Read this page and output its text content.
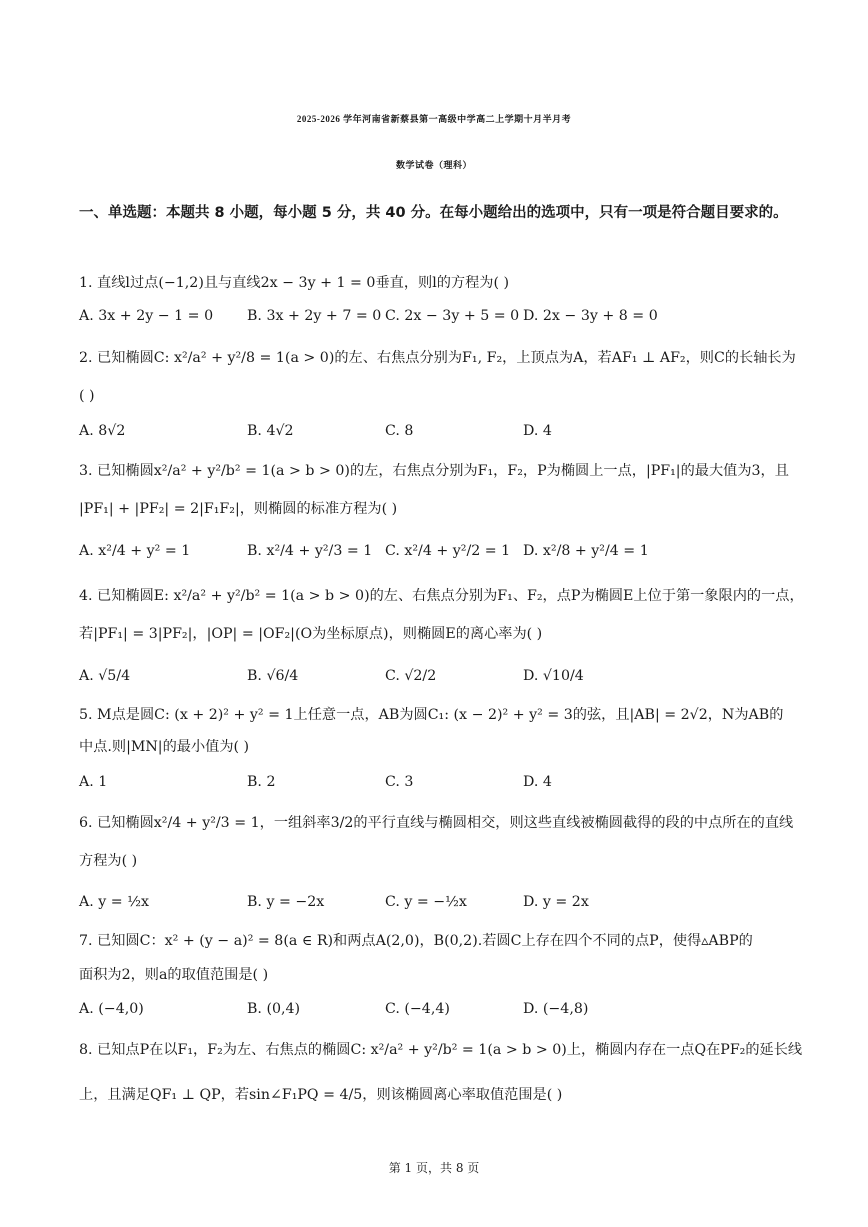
2025-2026 学年河南省新蔡县第一高级中学高二上学期十月半月考
数学试卷（理科）
一、单选题：本题共 8 小题，每小题 5 分，共 40 分。在每小题给出的选项中，只有一项是符合题目要求的。
1. 直线l过点(−1,2)且与直线2x − 3y + 1 = 0垂直，则l的方程为( )
A. 3x + 2y − 1 = 0 B. 3x + 2y + 7 = 0 C. 2x − 3y + 5 = 0 D. 2x − 3y + 8 = 0
2. 已知椭圆C: x²/a² + y²/8 = 1(a > 0)的左、右焦点分别为F₁, F₂，上顶点为A，若AF₁ ⊥ AF₂，则C的长轴长为
( )
A. 8√2	B. 4√2	C. 8	D. 4
3. 已知椭圆x²/a² + y²/b² = 1(a > b > 0)的左，右焦点分别为F₁，F₂，P为椭圆上一点，|PF₁|的最大值为3，且
|PF₁| + |PF₂| = 2|F₁F₂|，则椭圆的标准方程为( )
A. x²/4 + y² = 1	B. x²/4 + y²/3 = 1 C. x²/4 + y²/2 = 1 D. x²/8 + y²/4 = 1
4. 已知椭圆E: x²/a² + y²/b² = 1(a > b > 0)的左、右焦点分别为F₁、F₂，点P为椭圆E上位于第一象限内的一点，
若|PF₁| = 3|PF₂|，|OP| = |OF₂|(O为坐标原点)，则椭圆E的离心率为( )
A. √5/4	B. √6/4	C. √2/2	D. √10/4
5. M点是圆C: (x + 2)² + y² = 1上任意一点，AB为圆C₁: (x − 2)² + y² = 3的弦，且|AB| = 2√2，N为AB的
中点.则|MN|的最小值为( )
A. 1	B. 2	C. 3	D. 4
6. 已知椭圆x²/4 + y²/3 = 1，一组斜率3/2的平行直线与椭圆相交，则这些直线被椭圆截得的段的中点所在的直线
方程为( )
A. y = ½x	B. y = −2x	C. y = −½x	D. y = 2x
7. 已知圆C：x² + (y − a)² = 8(a ∈ R)和两点A(2,0)，B(0,2).若圆C上存在四个不同的点P，使得▵ABP的
面积为2，则a的取值范围是( )
A. (−4,0)	B. (0,4)	C. (−4,4)	D. (−4,8)
8. 已知点P在以F₁，F₂为左、右焦点的椭圆C: x²/a² + y²/b² = 1(a > b > 0)上，椭圆内存在一点Q在PF₂的延长线
上，且满足QF₁ ⊥ QP，若sin∠F₁PQ = 4/5，则该椭圆离心率取值范围是( )
第 1 页，共 8 页
